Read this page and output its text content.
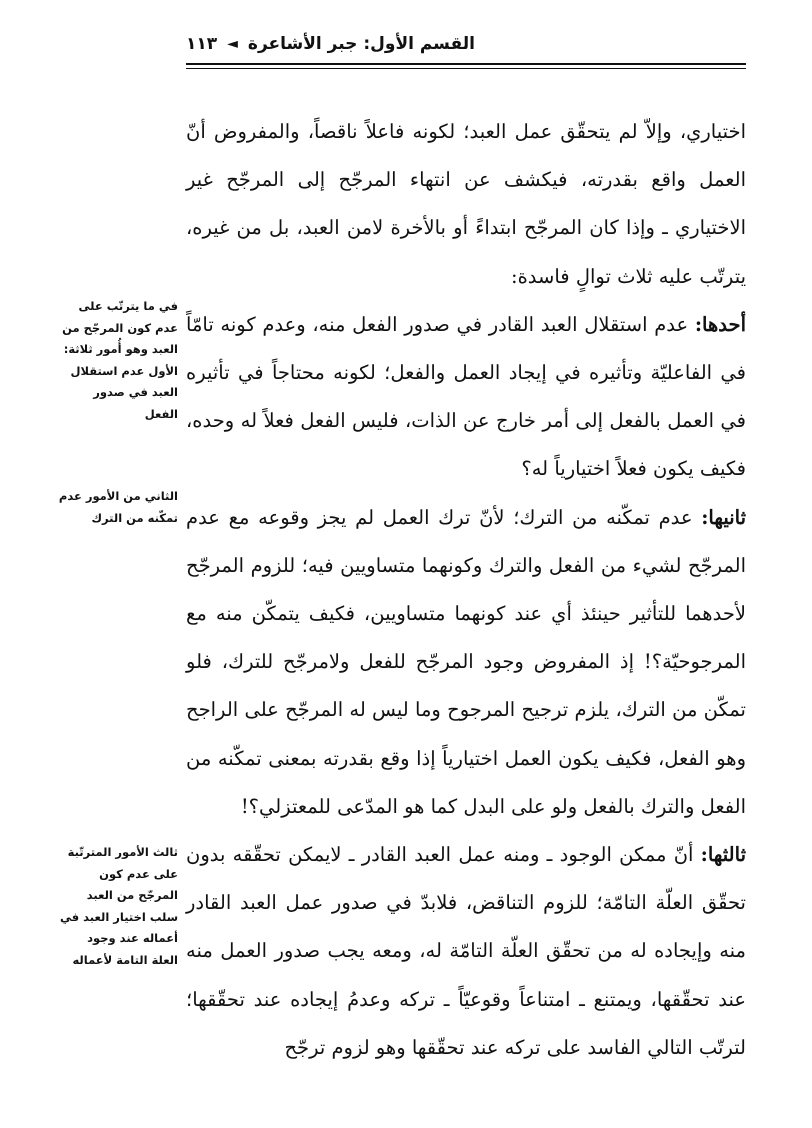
القسم الأول: جبر الأشاعرة
◄
١١٣

اختياري، وإلاّ لم يتحقّق عمل العبد؛ لكونه فاعلاً ناقصاً، والمفروض أنّ العمل واقع بقدرته، فيكشف عن انتهاء المرجّح إلى المرجّح غير الاختياري ـ وإذا كان المرجّح ابتداءً أو بالأخرة لامن العبد، بل من غيره، يترتّب عليه ثلاث توالٍ فاسدة:

أحدها: عدم استقلال العبد القادر في صدور الفعل منه، وعدم كونه تامّاً في الفاعليّة وتأثيره في إيجاد العمل والفعل؛ لكونه محتاجاً في تأثيره في العمل بالفعل إلى أمر خارج عن الذات، فليس الفعل فعلاً له وحده، فكيف يكون فعلاً اختيارياً له؟

ثانيها: عدم تمكّنه من الترك؛ لأنّ ترك العمل لم يجز وقوعه مع عدم المرجّح لشيء من الفعل والترك وكونهما متساويين فيه؛ للزوم المرجّح لأحدهما للتأثير حينئذ أي عند كونهما متساويين، فكيف يتمكّن منه مع المرجوحيّة؟! إذ المفروض وجود المرجّح للفعل ولامرجّح للترك، فلو تمكّن من الترك، يلزم ترجيح المرجوح وما ليس له المرجّح على الراجح وهو الفعل، فكيف يكون العمل اختيارياً إذا وقع بقدرته بمعنى تمكّنه من الفعل والترك بالفعل ولو على البدل كما هو المدّعى للمعتزلي؟!

ثالثها: أنّ ممكن الوجود ـ ومنه عمل العبد القادر ـ لايمكن تحقّقه بدون تحقّق العلّة التامّة؛ للزوم التناقض، فلابدّ في صدور عمل العبد القادر منه وإيجاده له من تحقّق العلّة التامّة له، ومعه يجب صدور العمل منه عند تحقّقها، ويمتنع ـ امتناعاً وقوعيّاً ـ تركه وعدمُ إيجاده عند تحقّقها؛ لترتّب التالي الفاسد على تركه عند تحقّقها وهو لزوم ترجّح

في ما يترتّب على عدم كون المرجّح من العبد وهو أُمور ثلاثة: الأول عدم استقلال العبد في صدور الفعل
الثاني من الأمور عدم تمكّنه من الترك
ثالث الأمور المترتّبة على عدم كون المرجّح من العبد سلب اختيار العبد في أعماله عند وجود العلة التامة لأعماله
